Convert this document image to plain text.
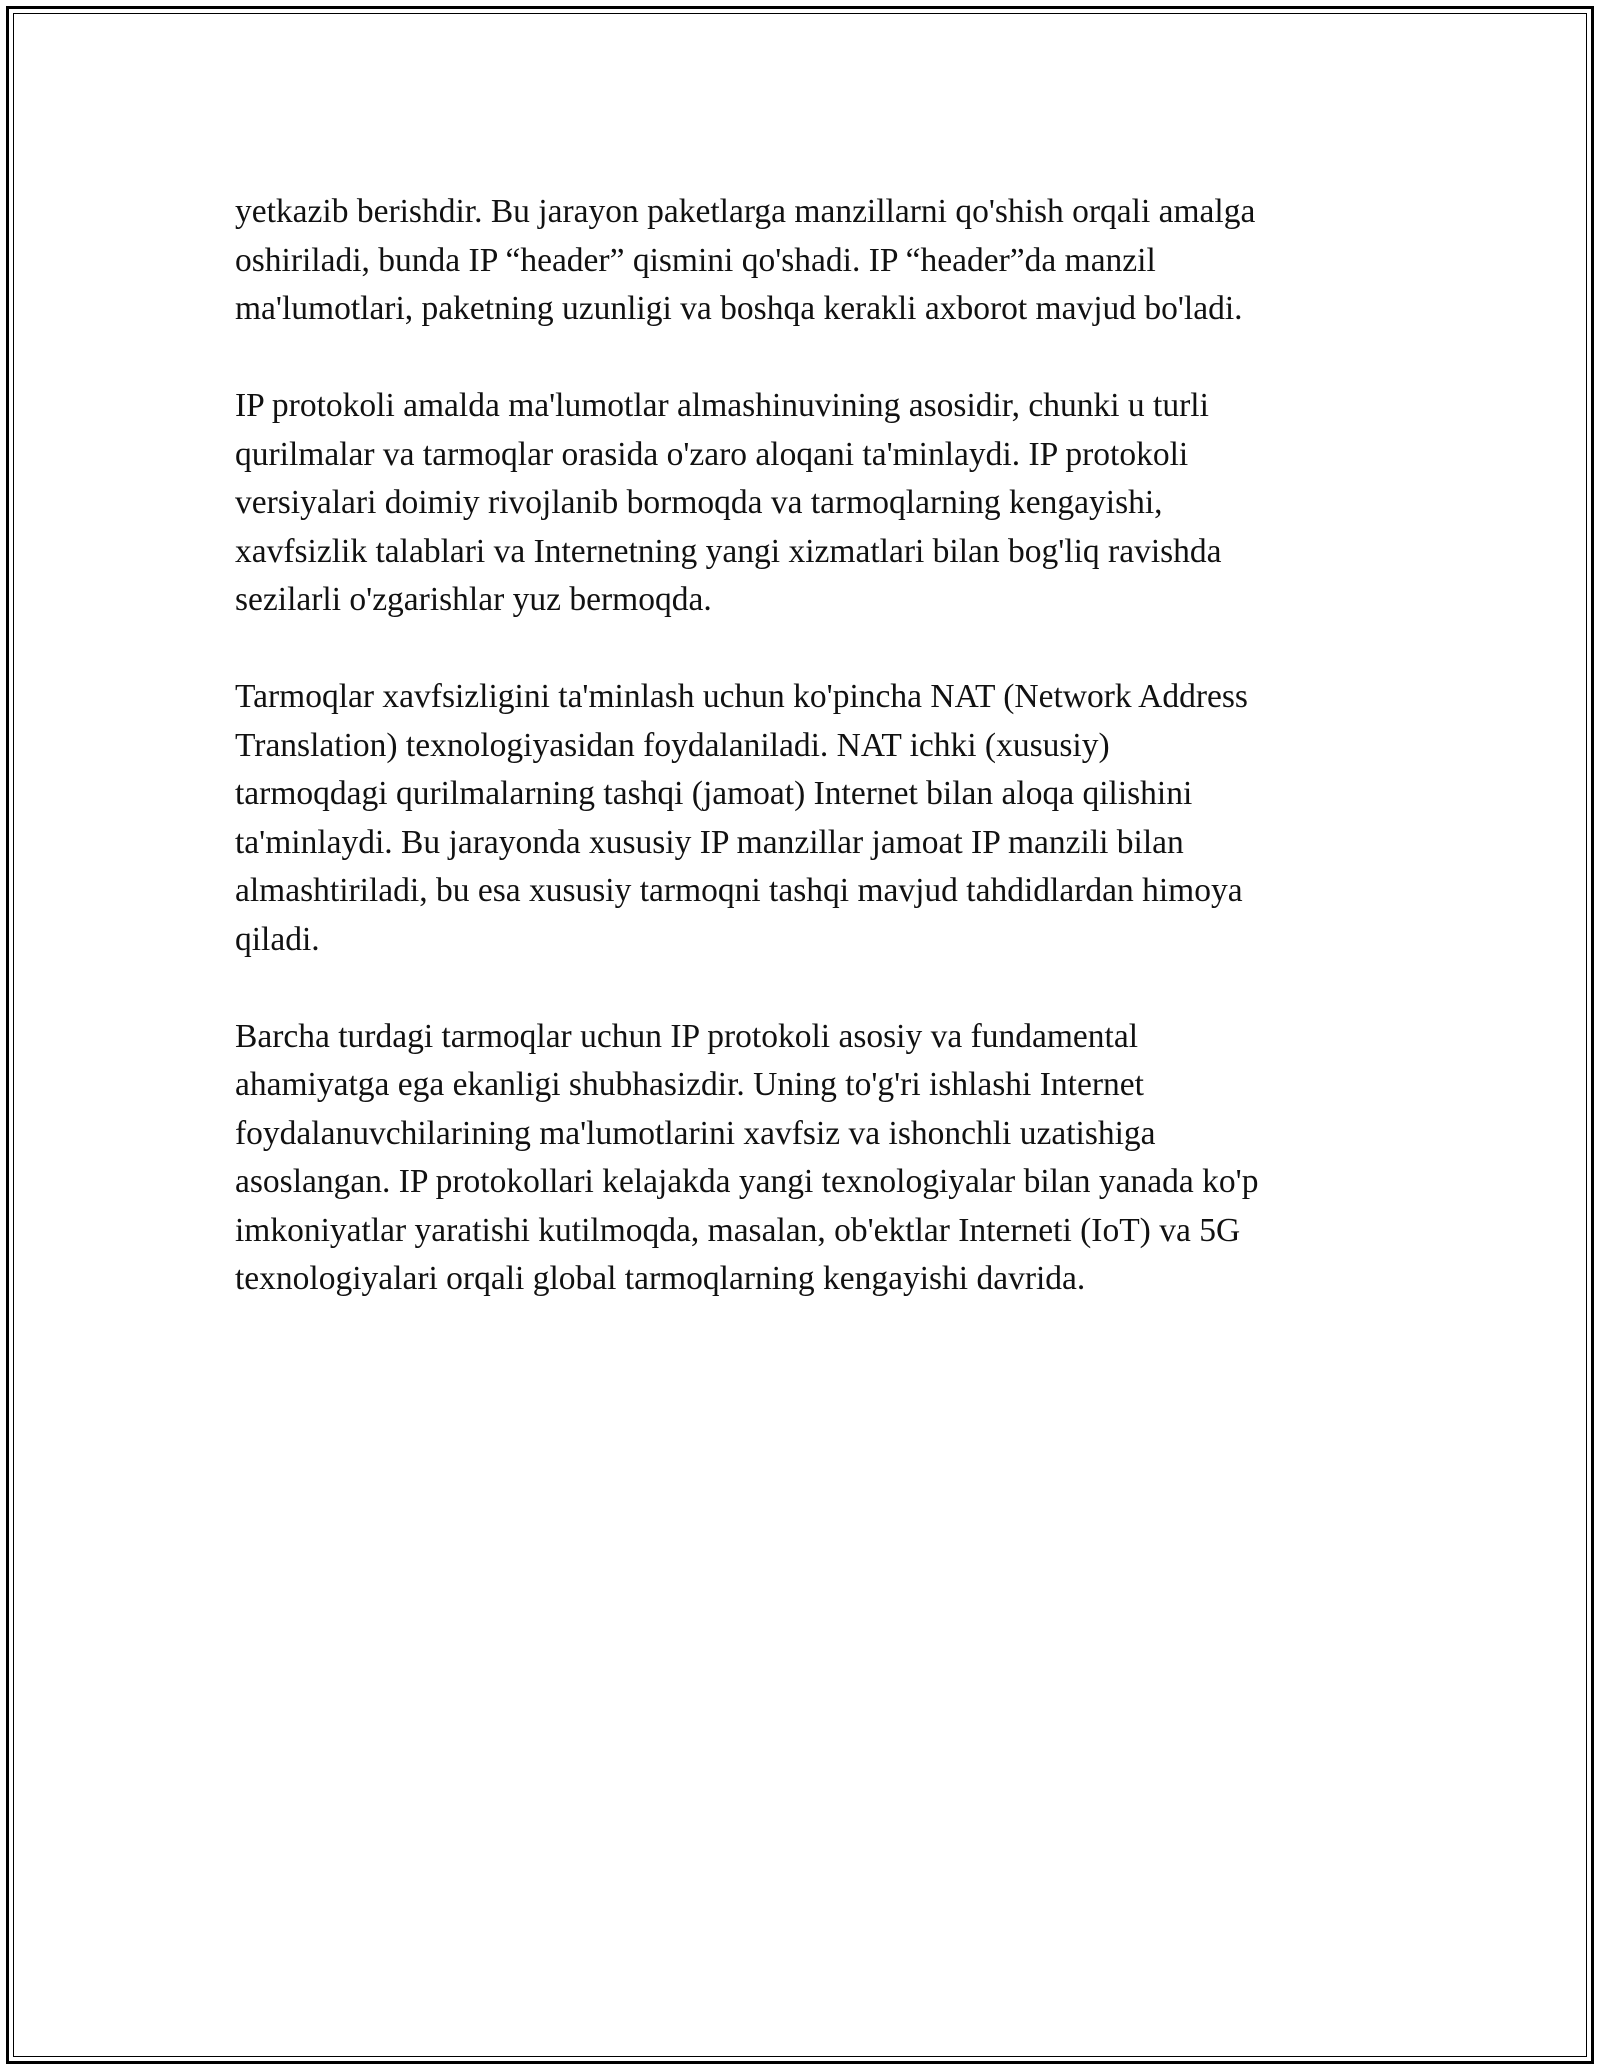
yetkazib berishdir. Bu jarayon paketlarga manzillarni qo'shish orqali amalga
oshiriladi, bunda IP “header” qismini qo'shadi. IP “header”da manzil
ma'lumotlari, paketning uzunligi va boshqa kerakli axborot mavjud bo'ladi.

IP protokoli amalda ma'lumotlar almashinuvining asosidir, chunki u turli
qurilmalar va tarmoqlar orasida o'zaro aloqani ta'minlaydi. IP protokoli
versiyalari doimiy rivojlanib bormoqda va tarmoqlarning kengayishi,
xavfsizlik talablari va Internetning yangi xizmatlari bilan bog'liq ravishda
sezilarli o'zgarishlar yuz bermoqda.

Tarmoqlar xavfsizligini ta'minlash uchun ko'pincha NAT (Network Address
Translation) texnologiyasidan foydalaniladi. NAT ichki (xususiy)
tarmoqdagi qurilmalarning tashqi (jamoat) Internet bilan aloqa qilishini
ta'minlaydi. Bu jarayonda xususiy IP manzillar jamoat IP manzili bilan
almashtiriladi, bu esa xususiy tarmoqni tashqi mavjud tahdidlardan himoya
qiladi.

Barcha turdagi tarmoqlar uchun IP protokoli asosiy va fundamental
ahamiyatga ega ekanligi shubhasizdir. Uning to'g'ri ishlashi Internet
foydalanuvchilarining ma'lumotlarini xavfsiz va ishonchli uzatishiga
asoslangan. IP protokollari kelajakda yangi texnologiyalar bilan yanada ko'p
imkoniyatlar yaratishi kutilmoqda, masalan, ob'ektlar Interneti (IoT) va 5G
texnologiyalari orqali global tarmoqlarning kengayishi davrida.
